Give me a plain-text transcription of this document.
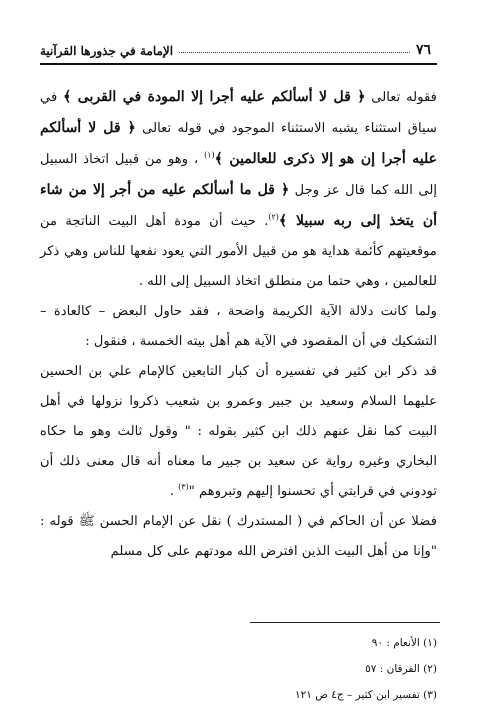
الإمامة في جذورها القرآنية	٧٦

فقوله تعالى ﴿ قل لا أسألكم عليه أجرا إلا المودة في القربى ﴾ في سياق استثناء يشبه الاستثناء الموجود في قوله تعالى ﴿ قل لا أسألكم عليه أجرا إن هو إلا ذكرى للعالمين ﴾$^{(١)}$ ، وهو من قبيل اتخاذ السبيل إلى الله كما قال عز وجل ﴿ قل ما أسألكم عليه من أجر إلا من شاء أن يتخذ إلى ربه سبيلا ﴾$^{(٢)}$. حيث أن مودة أهل البيت الناتجة من موقعيتهم كأئمة هداية هو من قبيل الأمور التي يعود نفعها للناس وهي ذكر للعالمين ، وهي حتما من منطلق اتخاذ السبيل إلى الله .

ولما كانت دلالة الآية الكريمة واضحة ، فقد حاول البعض – كالعادة – التشكيك في أن المقصود في الآية هم أهل بيته الخمسة ، فنقول :

قد ذكر ابن كثير في تفسيره أن كبار التابعين كالإمام علي بن الحسين عليهما السلام وسعيد بن جبير وعمرو بن شعيب ذكروا نزولها في أهل البيت كما نقل عنهم ذلك ابن كثير بقوله : " وقول ثالث وهو ما حكاه البخاري وغيره رواية عن سعيد بن جبير ما معناه أنه قال معنى ذلك أن تودوني في قرابتي أي تحسنوا إليهم وتبروهم "$^{(٣)}$ .

فضلا عن أن الحاكم في ( المستدرك ) نقل عن الإمام الحسن ﷺ قوله : "وإنا من أهل البيت الذين افترض الله مودتهم على كل مسلم

(١) الأنعام : ٩٠

(٢) الفرقان : ٥٧

(٣) تفسير ابن كثير – ج٤ ص ١٢١
